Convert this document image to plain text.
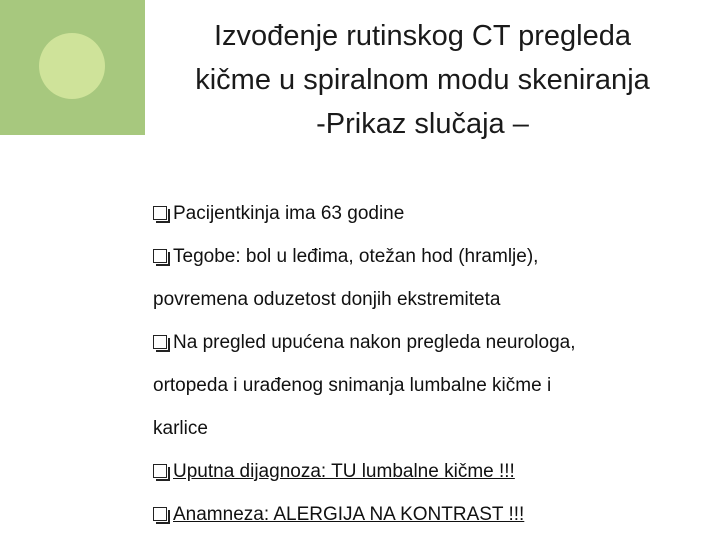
Izvođenje rutinskog CT pregleda
kičme u spiralnom modu skeniranja
-Prikaz slučaja –
Pacijentkinja ima 63 godine
Tegobe: bol u leđima, otežan hod (hramlje),
povremena oduzetost donjih ekstremiteta
Na pregled upućena nakon pregleda neurologa,
ortopeda i urađenog snimanja lumbalne kičme i
karlice
Uputna dijagnoza: TU lumbalne kičme !!!
Anamneza: ALERGIJA NA KONTRAST !!!
